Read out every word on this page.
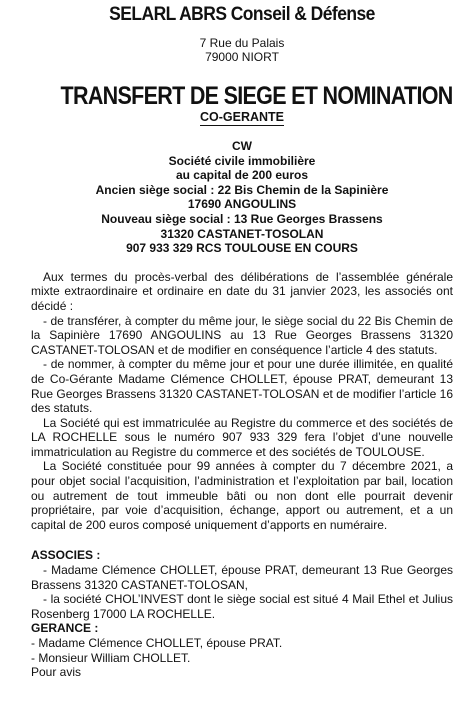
SELARL ABRS Conseil & Défense

7 Rue du Palais

79000 NIORT

TRANSFERT DE SIEGE ET NOMINATION
CO-GERANTE
CW
Société civile immobilière
au capital de 200 euros
Ancien siège social : 22 Bis Chemin de la Sapinière
17690 ANGOULINS
Nouveau siège social : 13 Rue Georges Brassens
31320 CASTANET-TOSOLAN
907 933 329 RCS TOULOUSE EN COURS

Aux termes du procès-verbal des délibérations de l’assemblée générale mixte extraordinaire et ordinaire en date du 31 janvier 2023, les associés ont décidé :

- de transférer, à compter du même jour, le siège social du 22 Bis Chemin de la Sapinière 17690 ANGOULINS au 13 Rue Georges Brassens 31320 CASTANET-TOLOSAN et de modifier en conséquence l’article 4 des statuts.

- de nommer, à compter du même jour et pour une durée illimitée, en qualité de Co-Gérante Madame Clémence CHOLLET, épouse PRAT, demeurant 13 Rue Georges Brassens 31320 CASTANET-TOLOSAN et de modifier l’article 16 des statuts.

La Société qui est immatriculée au Registre du commerce et des sociétés de LA ROCHELLE sous le numéro 907 933 329 fera l’objet d’une nouvelle immatriculation au Registre du commerce et des sociétés de TOULOUSE.

La Société constituée pour 99 années à compter du 7 décembre 2021, a pour objet social l’acquisition, l’administration et l’exploitation par bail, location ou autrement de tout immeuble bâti ou non dont elle pourrait devenir propriétaire, par voie d’acquisition, échange, apport ou autrement, et a un capital de 200 euros composé uniquement d’apports en numéraire.

ASSOCIES :

- Madame Clémence CHOLLET, épouse PRAT, demeurant 13 Rue Georges Brassens 31320 CASTANET-TOLOSAN,

- la société CHOL’INVEST dont le siège social est situé 4 Mail Ethel et Julius Rosenberg 17000 LA ROCHELLE.

GERANCE :

- Madame Clémence CHOLLET, épouse PRAT.

- Monsieur William CHOLLET.

Pour avis
